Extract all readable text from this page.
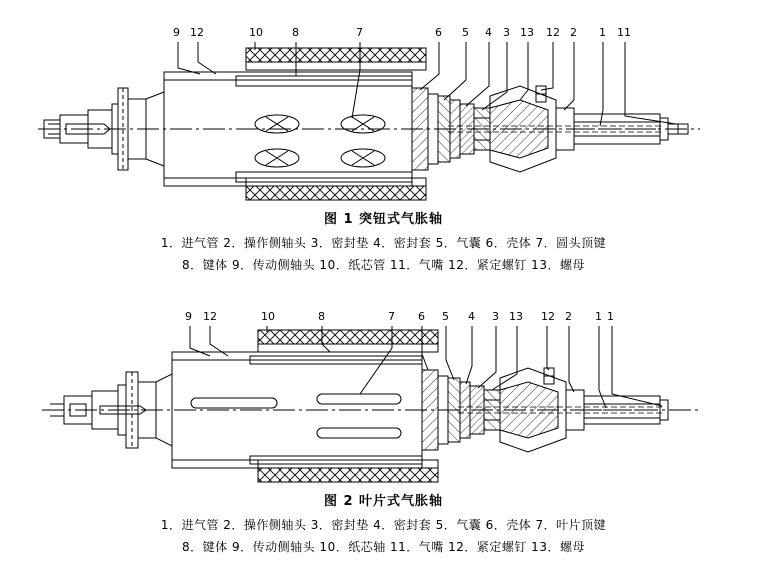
9 12	10	8	7	6 5 4 3 13 12 2 1 11
图 1 突钮式气胀轴
1．进气管 2．操作侧轴头 3．密封垫 4．密封套 5．气囊 6．壳体 7．圆头顶键
8．键体 9．传动侧轴头 10．纸芯管 11．气嘴 12．紧定螺钉 13．螺母
9 12	10	8	7 6 5 4 3 13 12 2 1 1
图 2 叶片式气胀轴
1．进气管 2．操作侧轴头 3．密封垫 4．密封套 5．气囊 6．壳体 7．叶片顶键
8．键体 9．传动侧轴头 10．纸芯轴 11．气嘴 12．紧定螺钉 13．螺母
